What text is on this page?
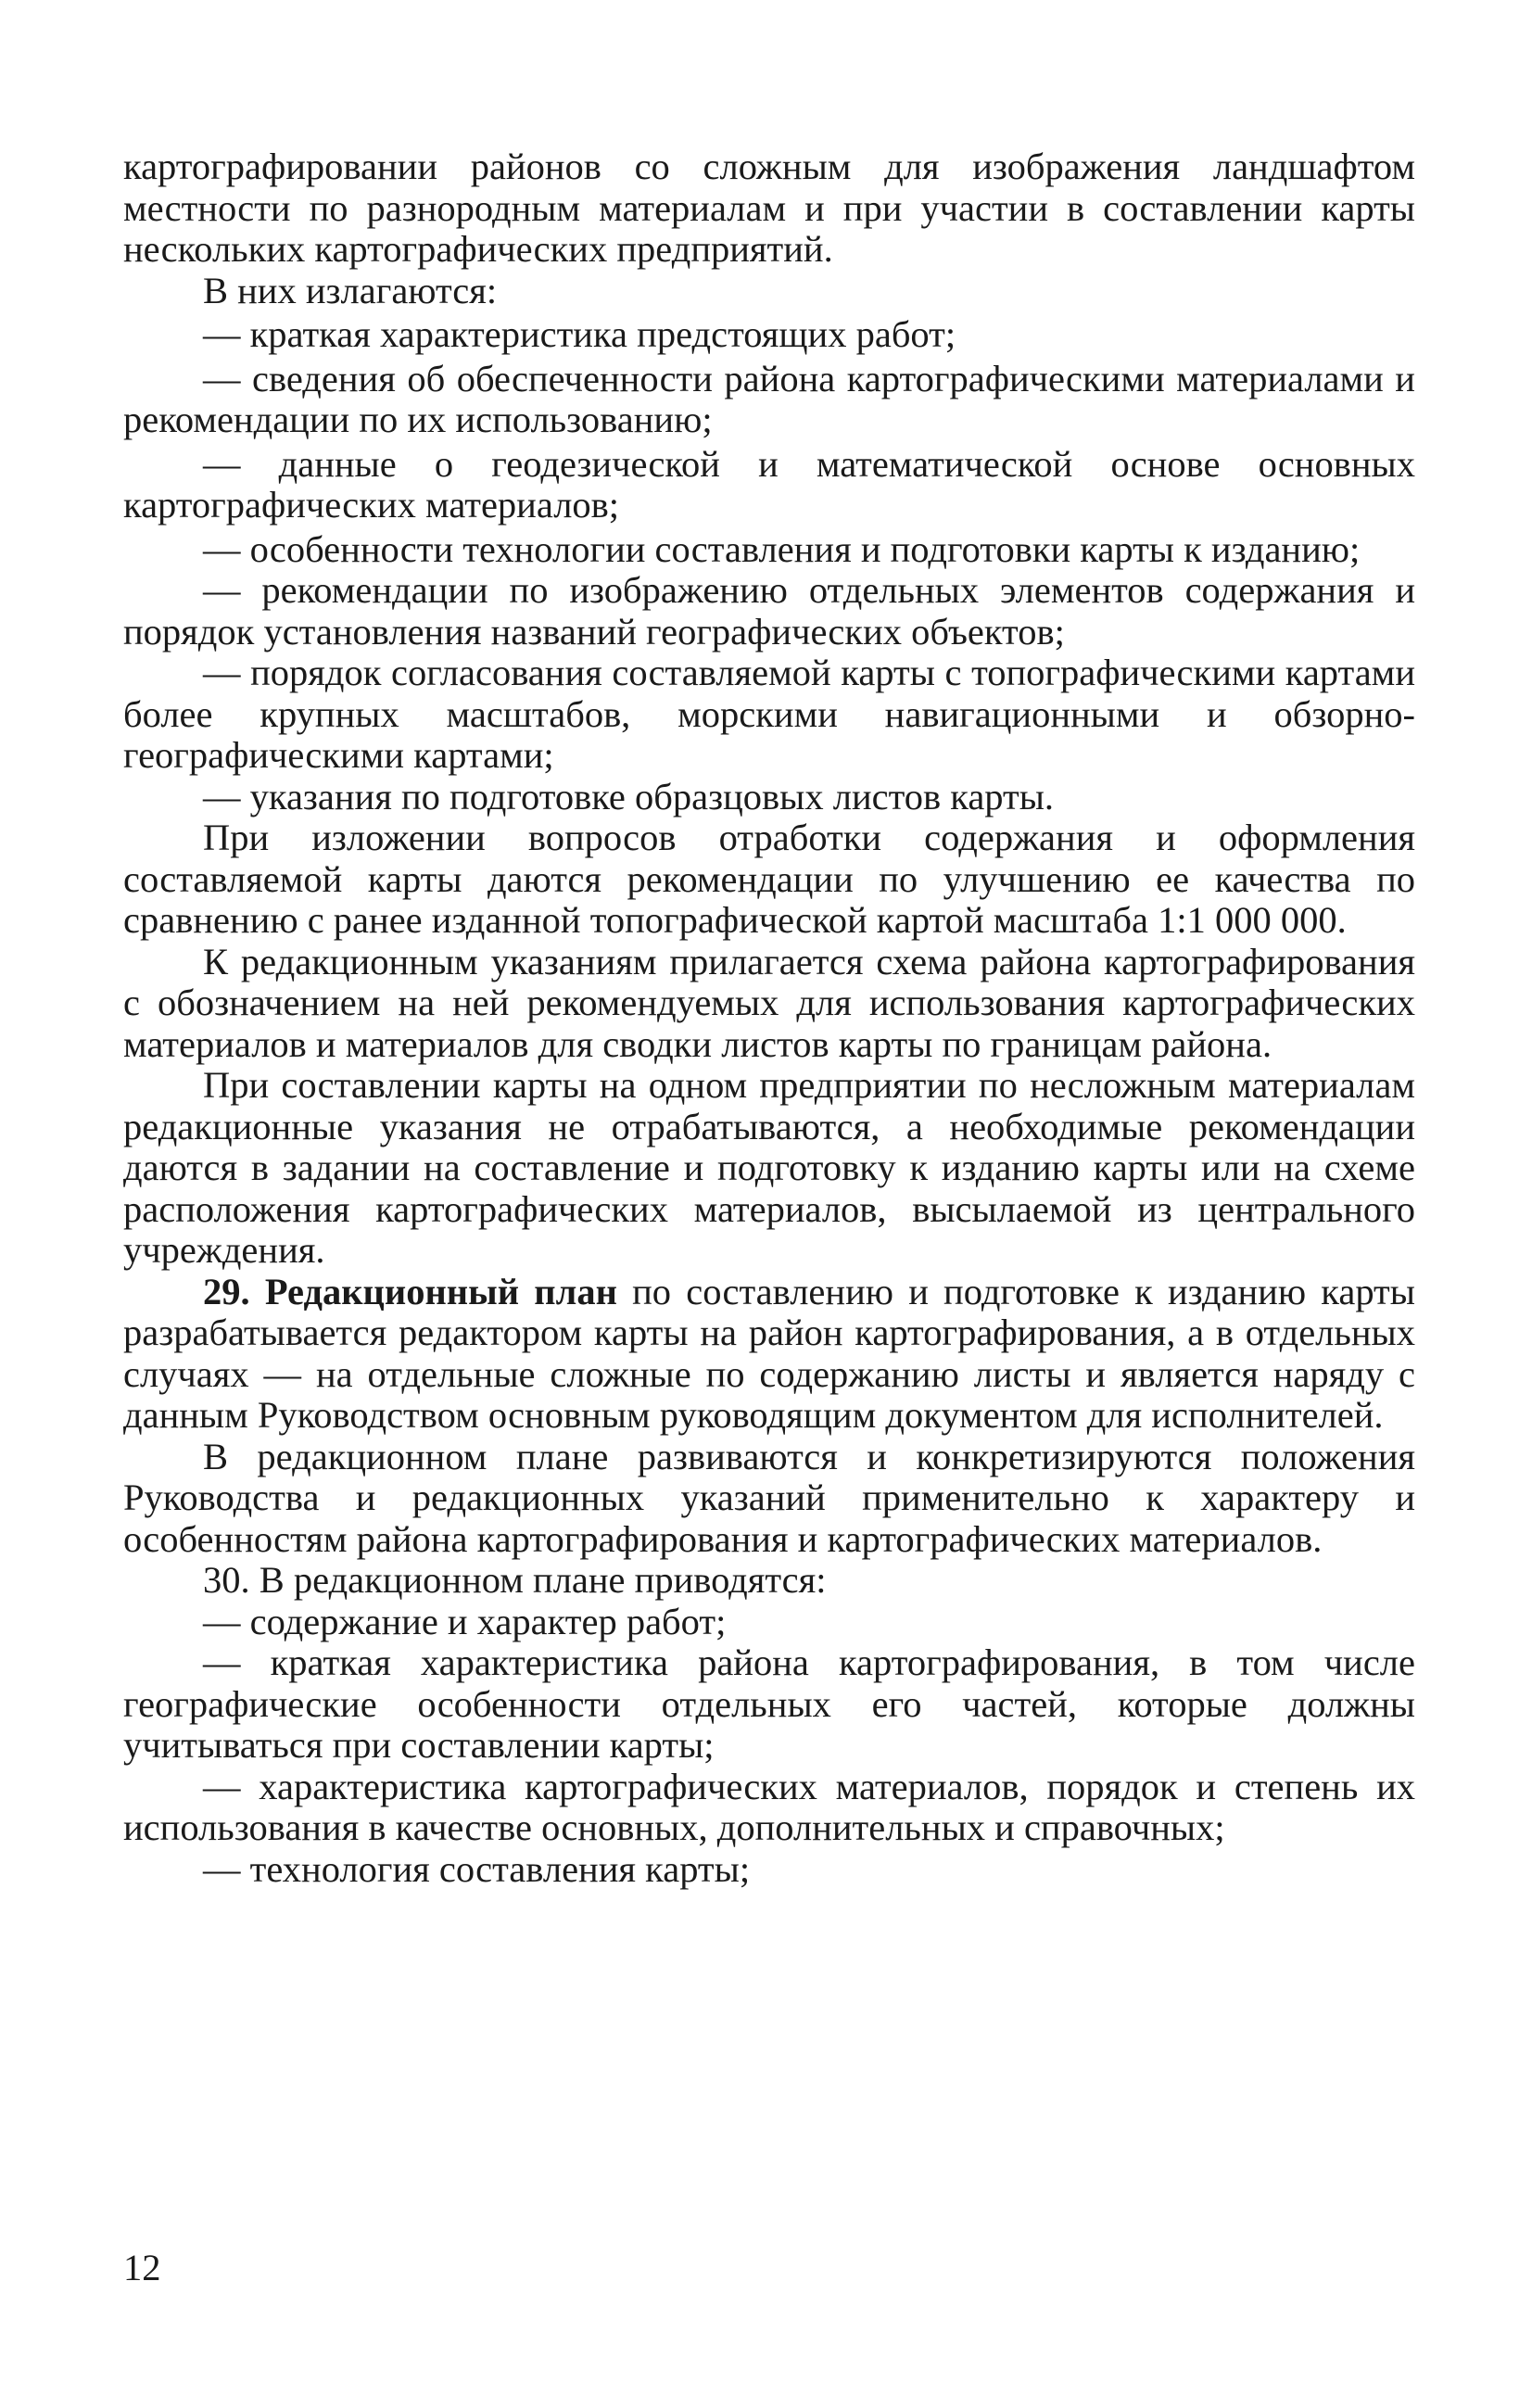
картографировании районов со сложным для изображения ландшафтом местности по разнородным материалам и при участии в составлении карты нескольких картографических предприятий.

В них излагаются:

— краткая характеристика предстоящих работ;

— сведения об обеспеченности района картографическими материалами и рекомендации по их использованию;

— данные о геодезической и математической основе основных картографических материалов;

— особенности технологии составления и подготовки карты к изданию;

— рекомендации по изображению отдельных элементов содержания и порядок установления названий географических объектов;

— порядок согласования составляемой карты с топографическими картами более крупных масштабов, морскими навигационными и обзорно-географическими картами;

— указания по подготовке образцовых листов карты.

При изложении вопросов отработки содержания и оформления составляемой карты даются рекомендации по улучшению ее качества по сравнению с ранее изданной топографической картой масштаба 1:1 000 000.

К редакционным указаниям прилагается схема района картографирования с обозначением на ней рекомендуемых для использования картографических материалов и материалов для сводки листов карты по границам района.

При составлении карты на одном предприятии по несложным материалам редакционные указания не отрабатываются, а необходимые рекомендации даются в задании на составление и подготовку к изданию карты или на схеме расположения картографических материалов, высылаемой из центрального учреждения.

29. Редакционный план по составлению и подготовке к изданию карты разрабатывается редактором карты на район картографирования, а в отдельных случаях — на отдельные сложные по содержанию листы и является наряду с данным Руководством основным руководящим документом для исполнителей.

В редакционном плане развиваются и конкретизируются положения Руководства и редакционных указаний применительно к характеру и особенностям района картографирования и картографических материалов.

30. В редакционном плане приводятся:

— содержание и характер работ;

— краткая характеристика района картографирования, в том числе географические особенности отдельных его частей, которые должны учитываться при составлении карты;

— характеристика картографических материалов, порядок и степень их использования в качестве основных, дополнительных и справочных;

— технология составления карты;

12
